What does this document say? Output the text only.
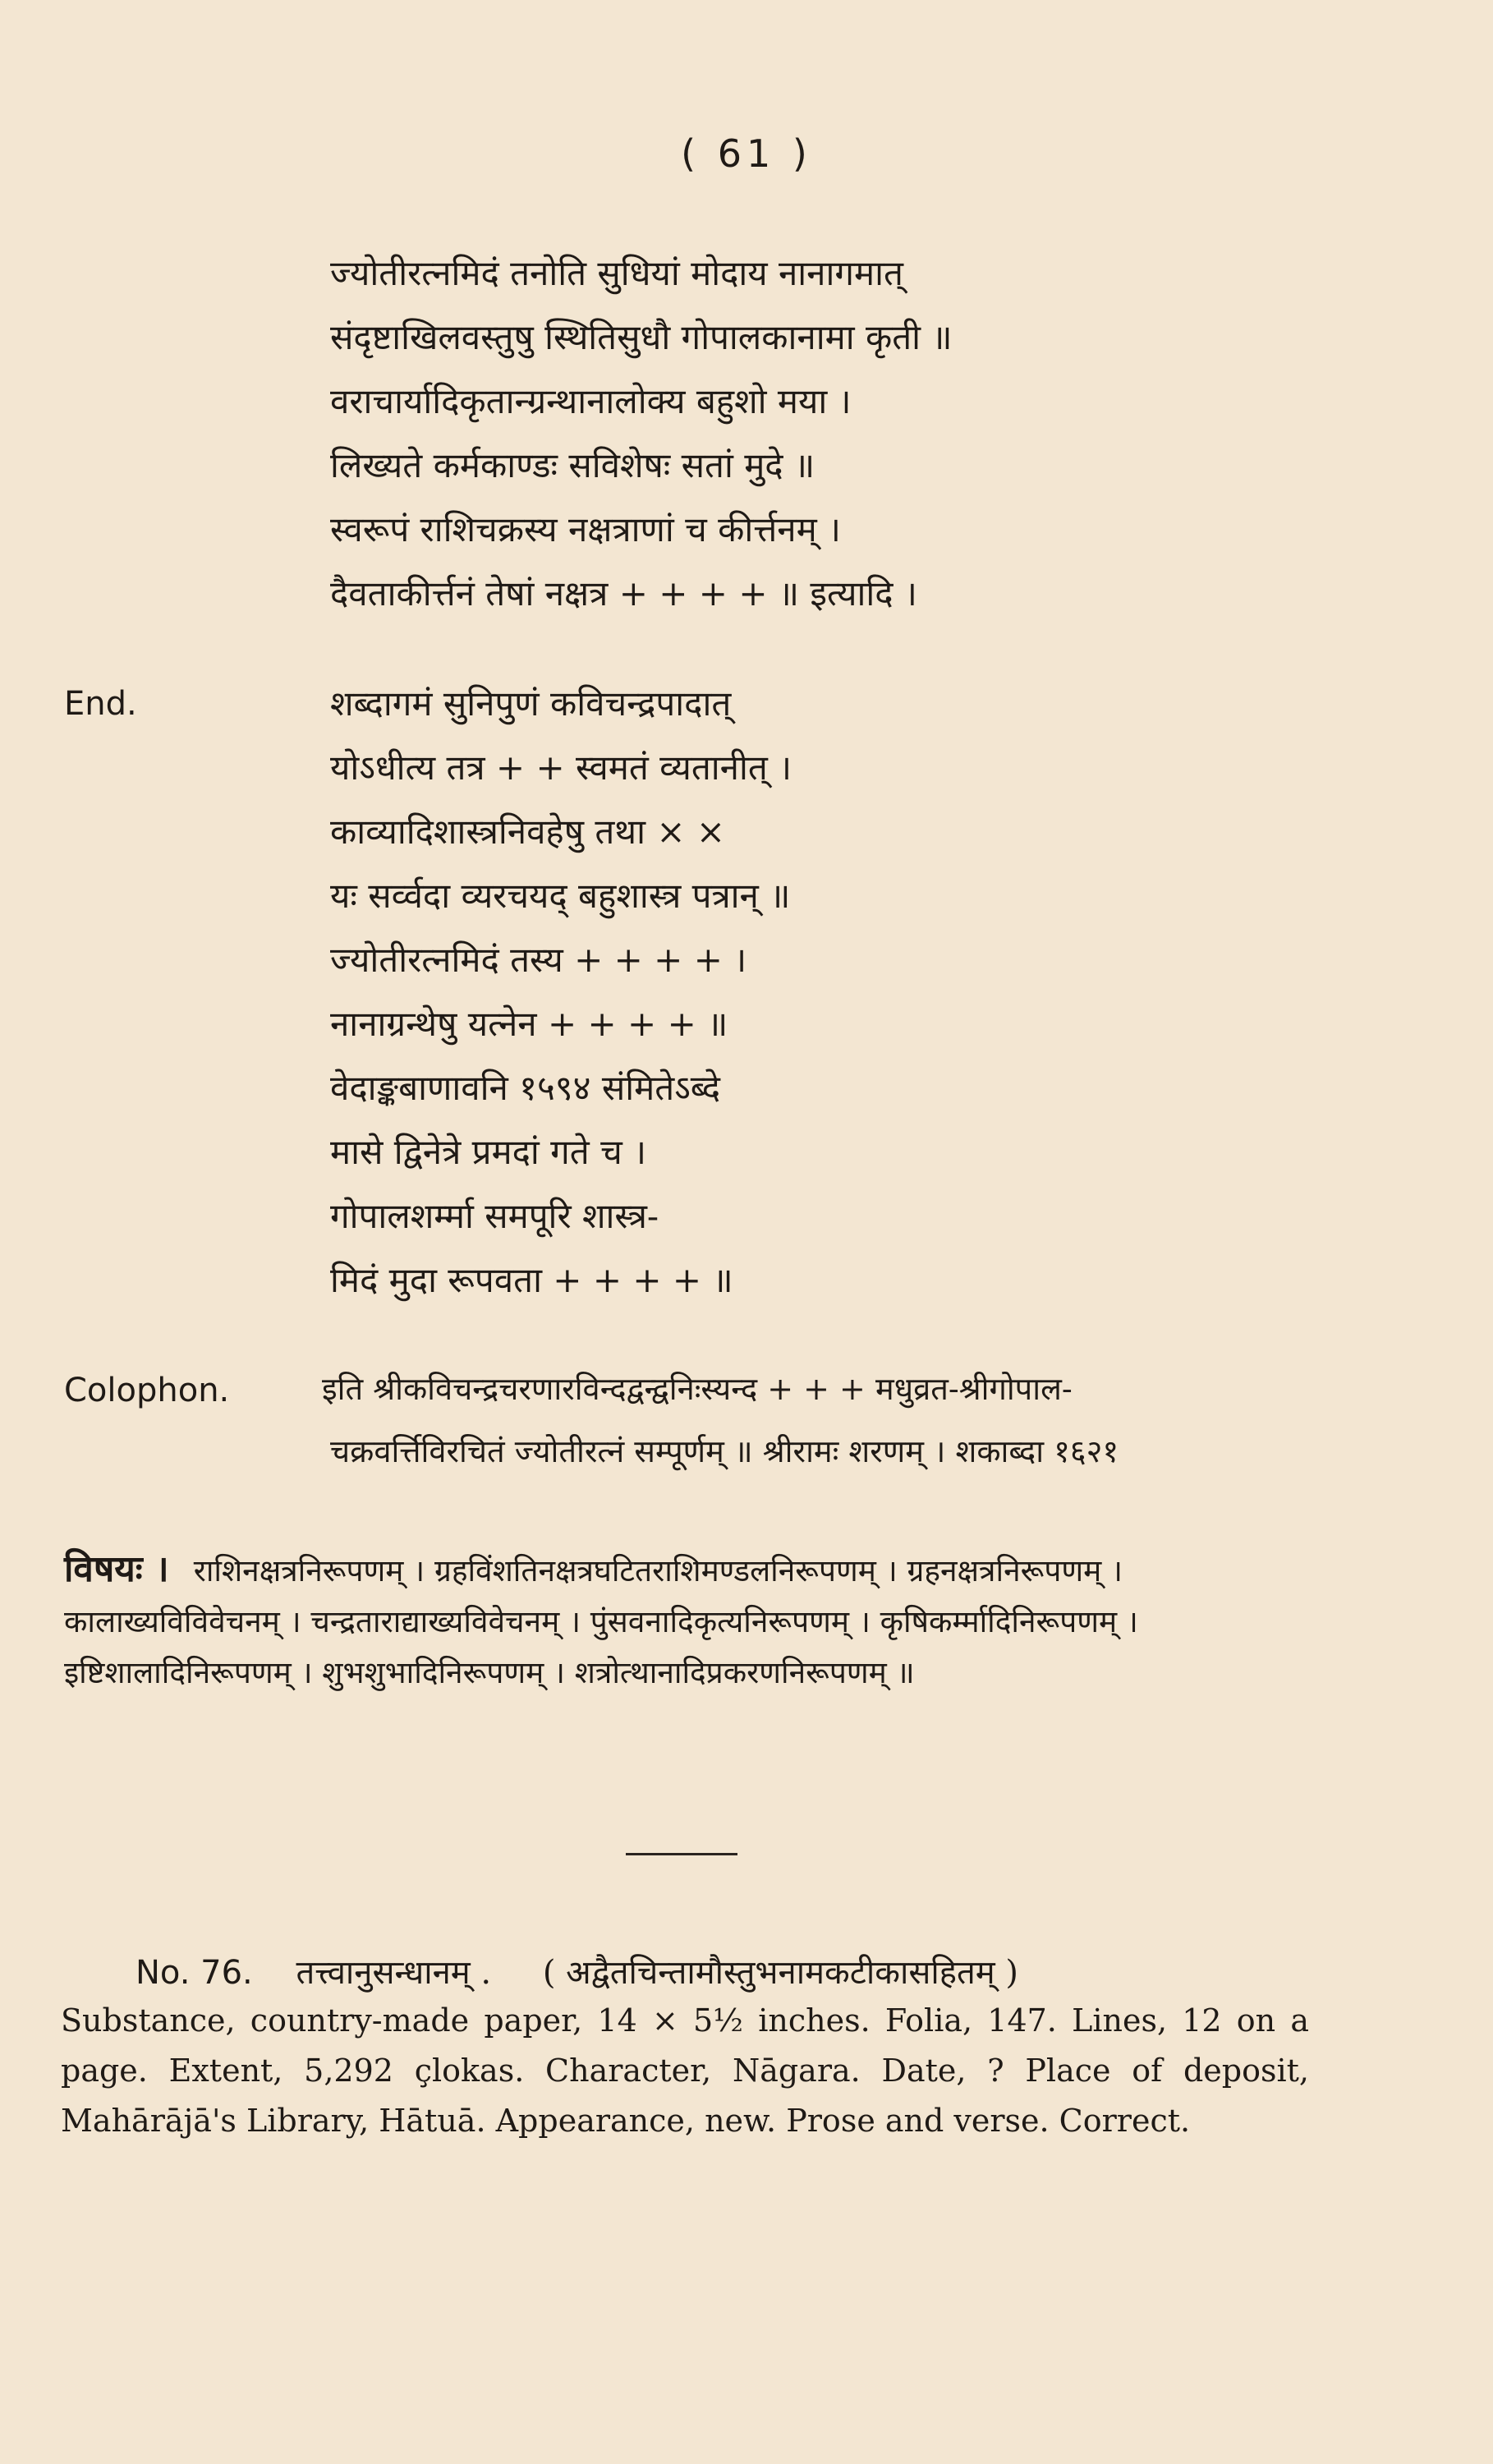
( 61 )
ज्योतीरत्नमिदं तनोति सुधियां मोदाय नानागमात्
संदृष्टाखिलवस्तुषु स्थितिसुधौ गोपालकानामा कृती ॥
वराचार्यादिकृतान्ग्रन्थानालोक्य बहुशो मया ।
लिख्यते कर्मकाण्डः सविशेषः सतां मुदे ॥
स्वरूपं राशिचक्रस्य नक्षत्राणां च कीर्त्तनम् ।
दैवताकीर्त्तनं तेषां नक्षत्र + + + + ॥ इत्यादि ।
End.	शब्दागमं सुनिपुणं कविचन्द्रपादात्
योऽधीत्य तत्र + + स्वमतं व्यतानीत् ।
काव्यादिशास्त्रनिवहेषु तथा × ×
यः सर्व्वदा व्यरचयद् बहुशास्त्र पत्रान् ॥
ज्योतीरत्नमिदं तस्य + + + + ।
नानाग्रन्थेषु यत्नेन + + + + ॥
वेदाङ्कबाणावनि १५९४ संमितेऽब्दे
मासे द्विनेत्रे प्रमदां गते च ।
गोपालशर्म्मा समपूरि शास्त्र-
मिदं मुदा रूपवता + + + + ॥
Colophon.	इति श्रीकविचन्द्रचरणारविन्दद्वन्द्वनिःस्यन्द + + + मधुव्रत-श्रीगोपाल-
चक्रवर्त्तिविरचितं ज्योतीरत्नं सम्पूर्णम् ॥ श्रीरामः शरणम् । शकाब्दा १६२१
विषयः । राशिनक्षत्रनिरूपणम् । ग्रहविंशतिनक्षत्रघटितराशिमण्डलनिरूपणम् । ग्रहनक्षत्रनिरूपणम् । कालाख्यविविवेचनम् । चन्द्रताराद्याख्यविवेचनम् । पुंसवनादिकृत्यनिरूपणम् । कृषिकर्म्मादिनिरूपणम् । इष्टिशालादिनिरूपणम् । शुभशुभादिनिरूपणम् । शत्रोत्थानादिप्रकरणनिरूपणम् ॥
No. 76. तत्त्वानुसन्धानम् . ( अद्वैतचिन्तामौस्तुभनामकटीकासहितम् )
Substance, country-made paper, 14 × 5½ inches. Folia, 147. Lines, 12 on a page. Extent, 5,292 çlokas. Character, Nāgara. Date, ? Place of deposit, Mahārājā's Library, Hātuā. Appearance, new. Prose and verse. Correct.
